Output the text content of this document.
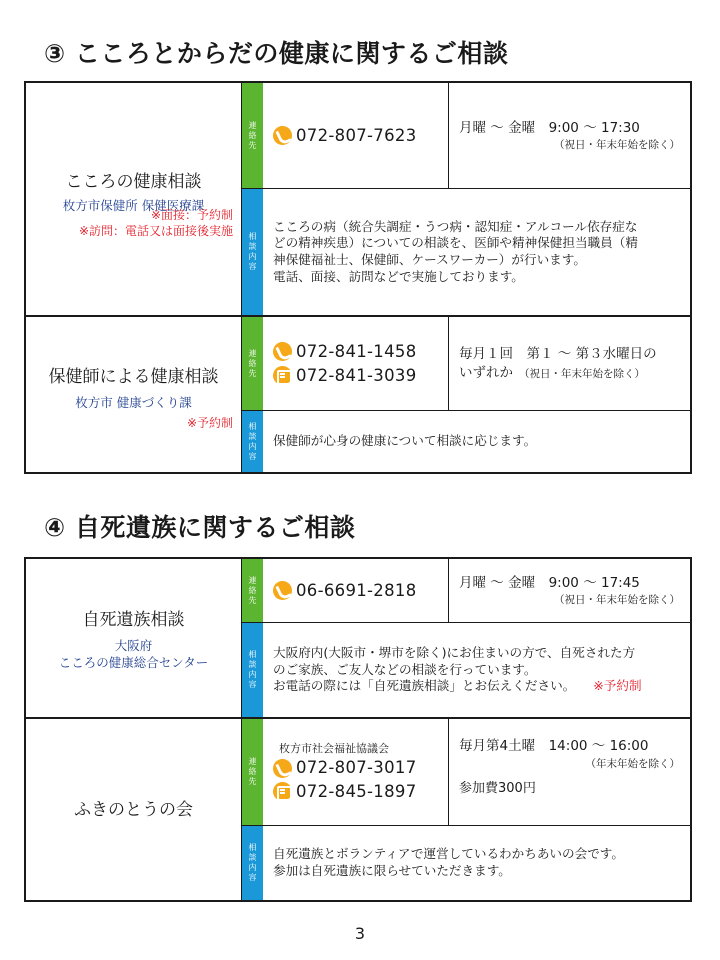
③ こころとからだの健康に関するご相談
こころの健康相談
枚方市保健所 保健医療課
※面接：予約制
※訪問：電話又は面接後実施
連
絡
先
072-807-7623	月曜 ～ 金曜　9:00 ～ 17:30
（祝日・年末年始を除く）
相
談
内
容
こころの病（統合失調症・うつ病・認知症・アルコール依存症な
どの精神疾患）についての相談を、医師や精神保健担当職員（精
神保健福祉士、保健師、ケースワーカー）が行います。
電話、面接、訪問などで実施しております。
保健師による健康相談
枚方市 健康づくり課
※予約制
連
絡
先
072-841-1458
072-841-3039
毎月１回　第１ ～ 第３水曜日の
いずれか （祝日・年末年始を除く）
相
談
内
容
保健師が心身の健康について相談に応じます。
④ 自死遺族に関するご相談
自死遺族相談
大阪府
こころの健康総合センター
連
絡
先
06-6691-2818	月曜 ～ 金曜　9:00 ～ 17:45
（祝日・年末年始を除く）
相
談
内
容
大阪府内(大阪市・堺市を除く)にお住まいの方で、自死された方
のご家族、ご友人などの相談を行っています。
お電話の際には「自死遺族相談」とお伝えください。 ※予約制
ふきのとうの会
連
絡
先
枚方市社会福祉協議会
072-807-3017
072-845-1897
毎月第4土曜　14:00 ～ 16:00
（年末年始を除く）
参加費300円
相
談
内
容
自死遺族とボランティアで運営しているわかちあいの会です。
参加は自死遺族に限らせていただきます。
3
